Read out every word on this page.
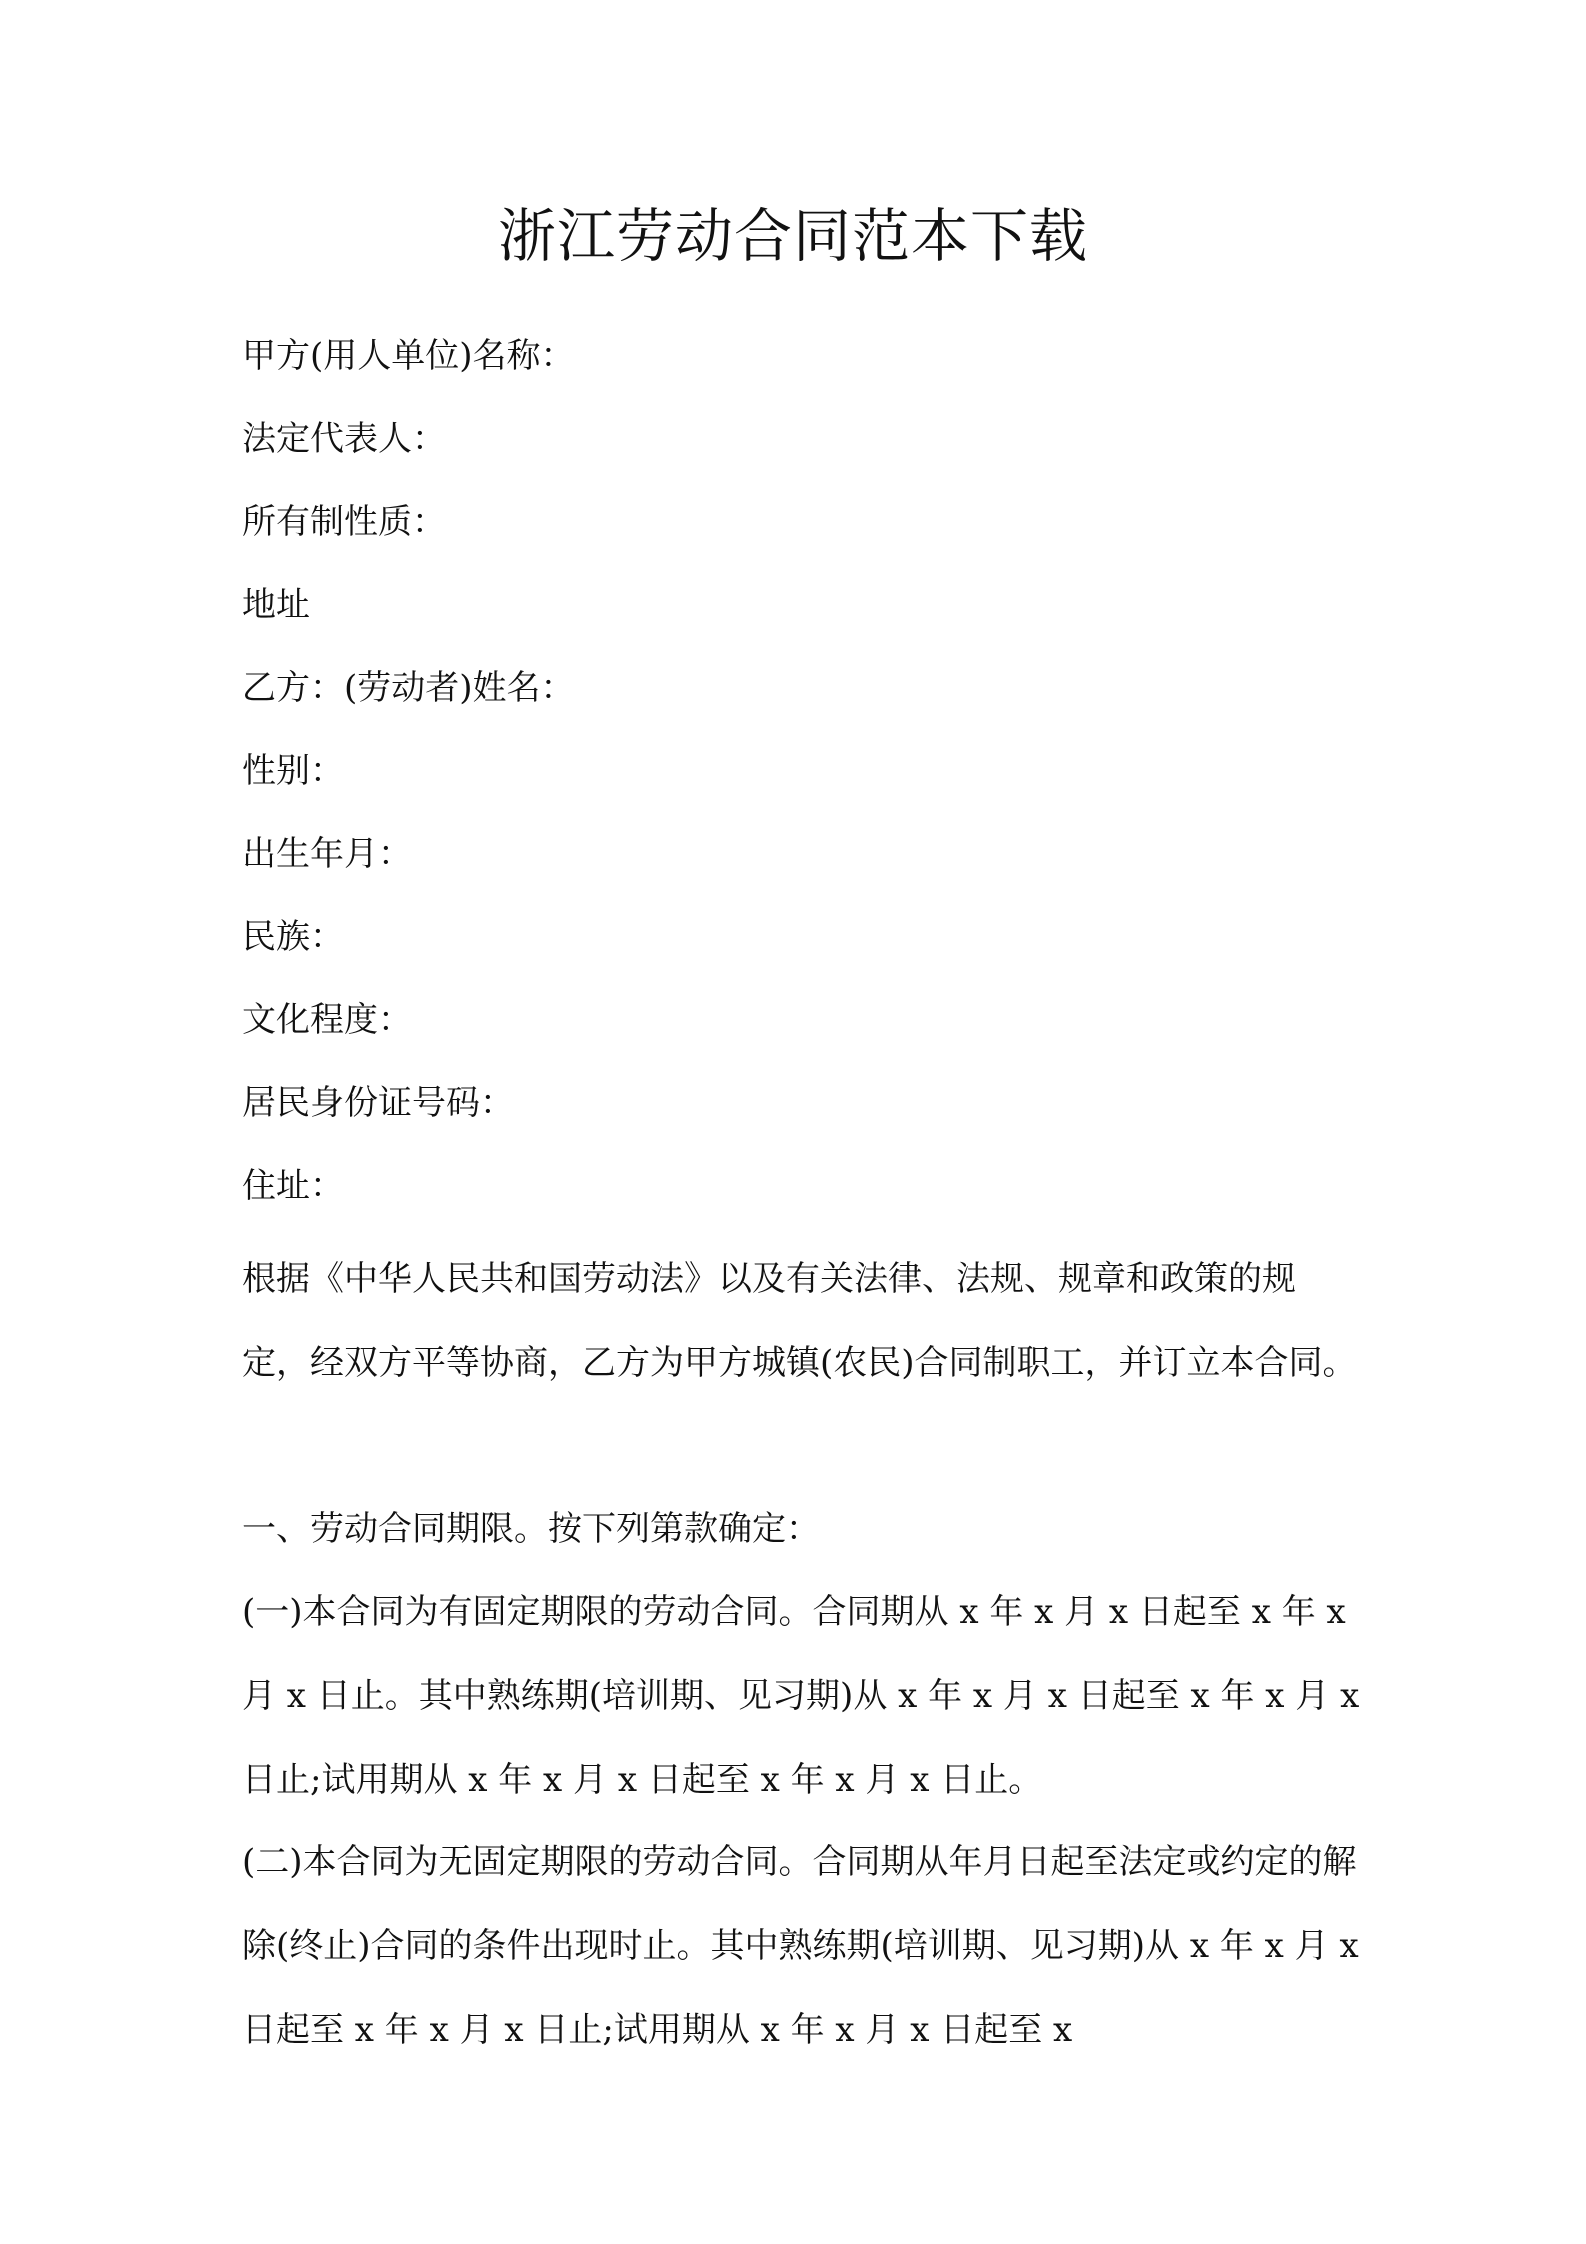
浙江劳动合同范本下载

甲方(用人单位)名称：

法定代表人：

所有制性质：

地址

乙方：(劳动者)姓名：

性别：

出生年月：

民族：

文化程度：

居民身份证号码：

住址：

根据《中华人民共和国劳动法》以及有关法律、法规、规章和政策的规定，经双方平等协商，乙方为甲方城镇(农民)合同制职工，并订立本合同。

一、劳动合同期限。按下列第款确定：

(一)本合同为有固定期限的劳动合同。合同期从 x 年 x 月 x 日起至 x 年 x 月 x 日止。其中熟练期(培训期、见习期)从 x 年 x 月 x 日起至 x 年 x 月 x 日止;试用期从 x 年 x 月 x 日起至 x 年 x 月 x 日止。

(二)本合同为无固定期限的劳动合同。合同期从年月日起至法定或约定的解除(终止)合同的条件出现时止。其中熟练期(培训期、见习期)从 x 年 x 月 x 日起至 x 年 x 月 x 日止;试用期从 x 年 x 月 x 日起至 x
